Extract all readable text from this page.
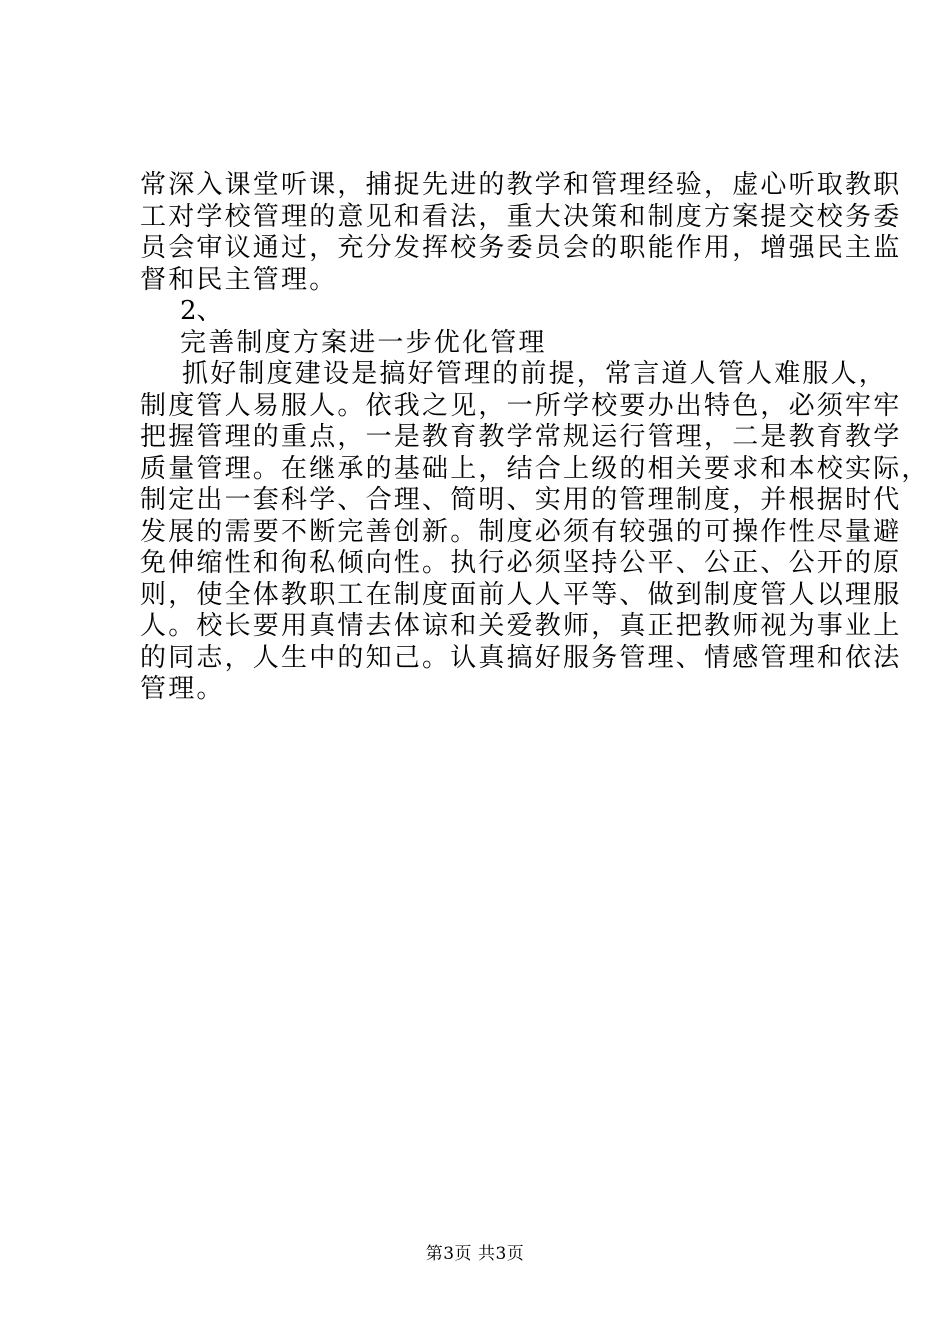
常深入课堂听课，捕捉先进的教学和管理经验，虚心听取教职
工对学校管理的意见和看法，重大决策和制度方案提交校务委
员会审议通过，充分发挥校务委员会的职能作用，增强民主监
督和民主管理。
2、
完善制度方案进一步优化管理
抓好制度建设是搞好管理的前提，常言道人管人难服人，
制度管人易服人。依我之见，一所学校要办出特色，必须牢牢
把握管理的重点，一是教育教学常规运行管理，二是教育教学
质量管理。在继承的基础上，结合上级的相关要求和本校实际，
制定出一套科学、合理、简明、实用的管理制度，并根据时代
发展的需要不断完善创新。制度必须有较强的可操作性尽量避
免伸缩性和徇私倾向性。执行必须坚持公平、公正、公开的原
则，使全体教职工在制度面前人人平等、做到制度管人以理服
人。校长要用真情去体谅和关爱教师，真正把教师视为事业上
的同志，人生中的知己。认真搞好服务管理、情感管理和依法
管理。
第3页 共3页
